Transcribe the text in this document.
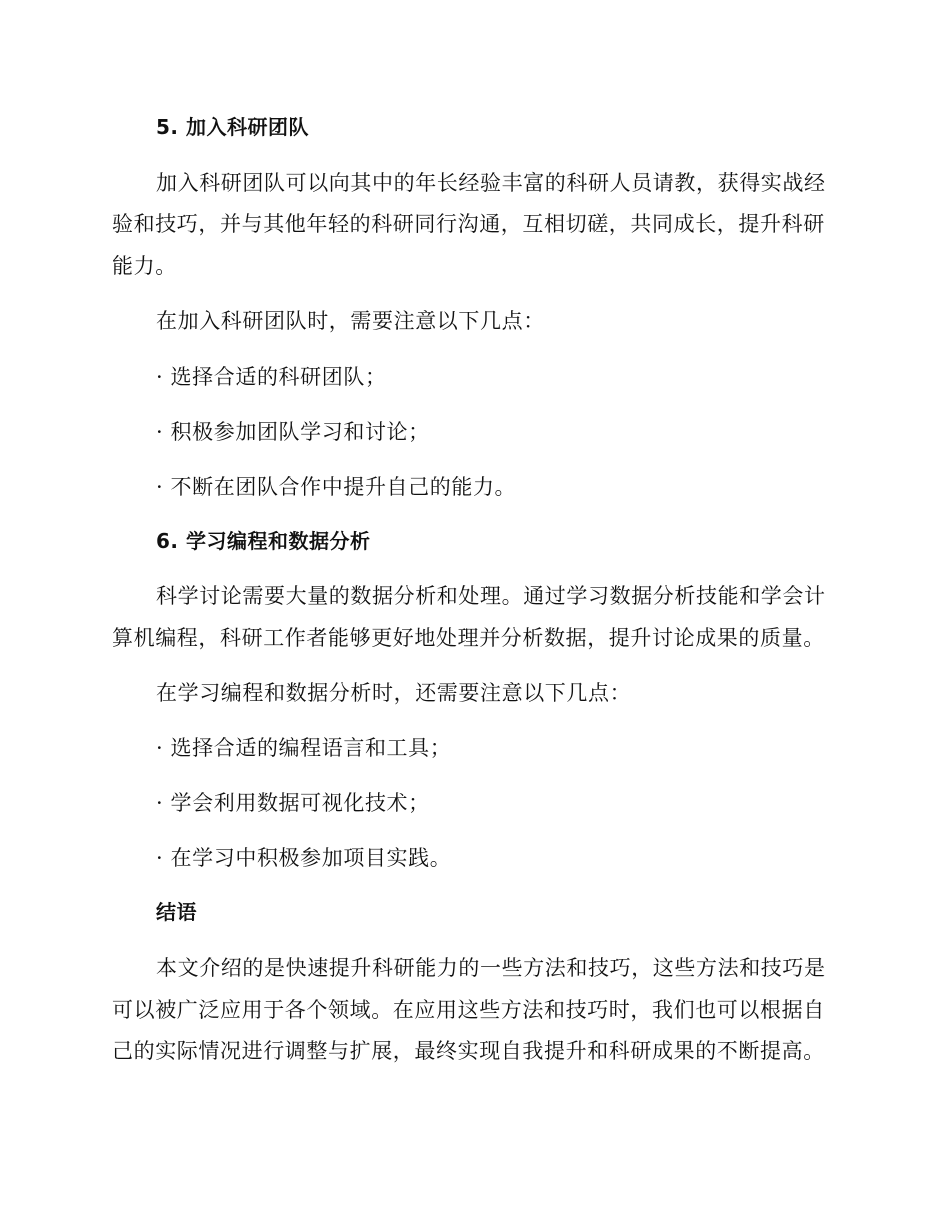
5. 加入科研团队
加入科研团队可以向其中的年长经验丰富的科研人员请教，获得实战经
验和技巧，并与其他年轻的科研同行沟通，互相切磋，共同成长，提升科研
能力。
在加入科研团队时，需要注意以下几点：
· 选择合适的科研团队；
· 积极参加团队学习和讨论；
· 不断在团队合作中提升自己的能力。
6. 学习编程和数据分析
科学讨论需要大量的数据分析和处理。通过学习数据分析技能和学会计
算机编程，科研工作者能够更好地处理并分析数据，提升讨论成果的质量。
在学习编程和数据分析时，还需要注意以下几点：
· 选择合适的编程语言和工具；
· 学会利用数据可视化技术；
· 在学习中积极参加项目实践。
结语
本文介绍的是快速提升科研能力的一些方法和技巧，这些方法和技巧是
可以被广泛应用于各个领域。在应用这些方法和技巧时，我们也可以根据自
己的实际情况进行调整与扩展，最终实现自我提升和科研成果的不断提高。
